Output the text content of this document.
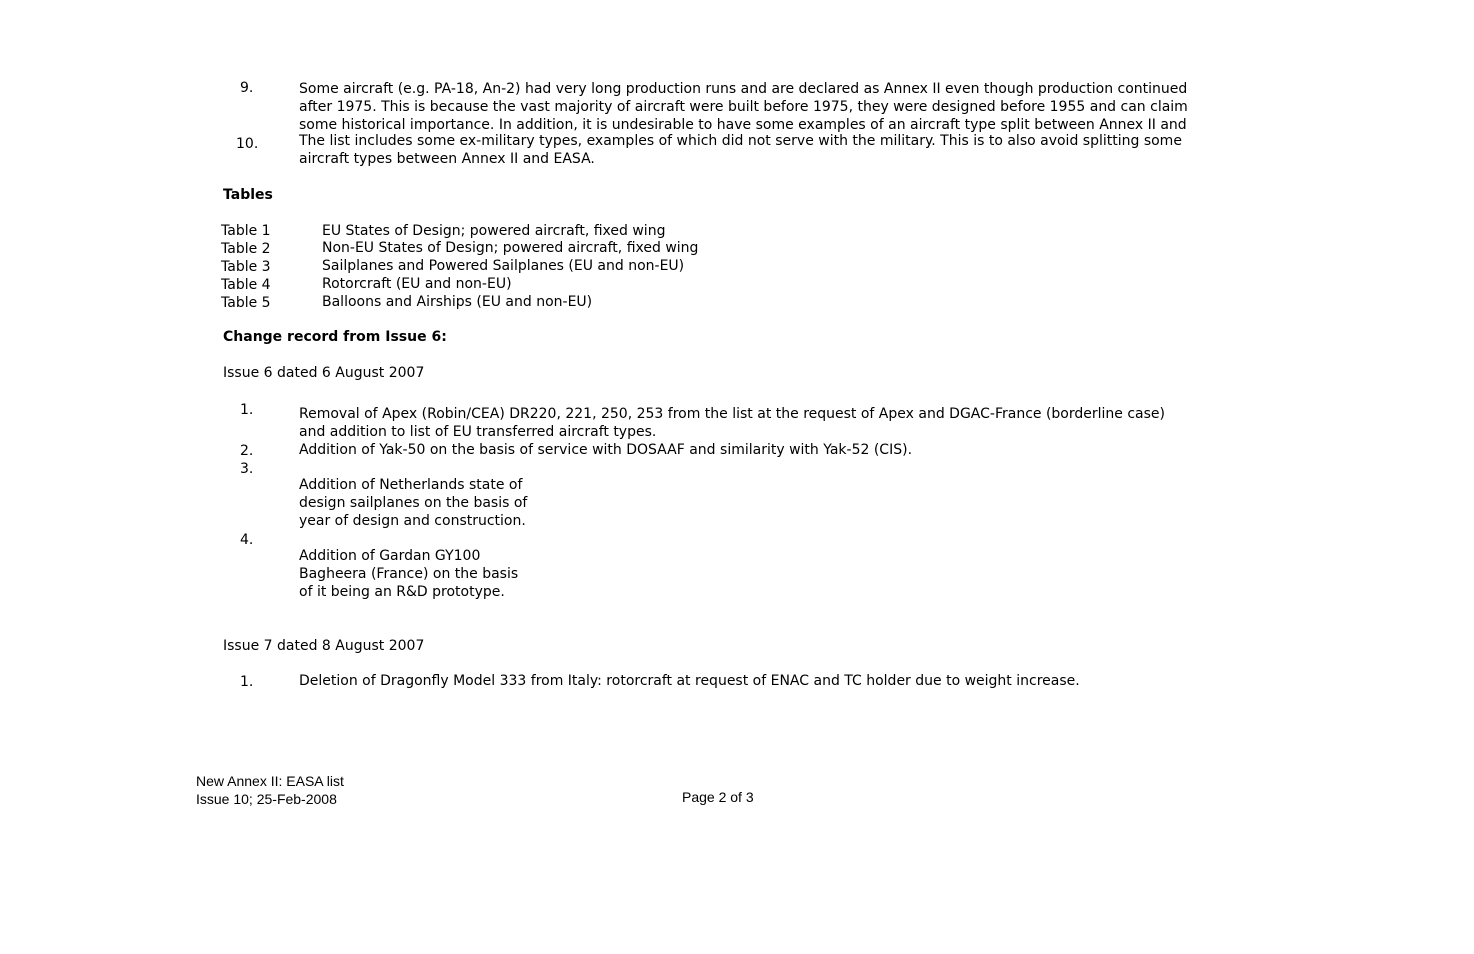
9.	Some aircraft (e.g. PA-18, An-2) had very long production runs and are declared as Annex II even though production continued
after 1975. This is because the vast majority of aircraft were built before 1975, they were designed before 1955 and can claim
some historical importance. In addition, it is undesirable to have some examples of an aircraft type split between Annex II and
10.	The list includes some ex-military types, examples of which did not serve with the military. This is to also avoid splitting some
aircraft types between Annex II and EASA.
Tables
Table 1	EU States of Design; powered aircraft, fixed wing
Table 2	Non-EU States of Design; powered aircraft, fixed wing
Table 3	Sailplanes and Powered Sailplanes (EU and non-EU)
Table 4	Rotorcraft (EU and non-EU)
Table 5	Balloons and Airships (EU and non-EU)
Change record from Issue 6:
Issue 6 dated 6 August 2007
1.	Removal of Apex (Robin/CEA) DR220, 221, 250, 253 from the list at the request of Apex and DGAC-France (borderline case)
and addition to list of EU transferred aircraft types.
2.	Addition of Yak-50 on the basis of service with DOSAAF and similarity with Yak-52 (CIS).
3.
Addition of Netherlands state of
design sailplanes on the basis of
year of design and construction.
4.
Addition of Gardan GY100
Bagheera (France) on the basis
of it being an R&D prototype.
Issue 7 dated 8 August 2007
1.	Deletion of Dragonfly Model 333 from Italy: rotorcraft at request of ENAC and TC holder due to weight increase.
New Annex II: EASA list
Issue 10; 25-Feb-2008	Page 2 of 3
